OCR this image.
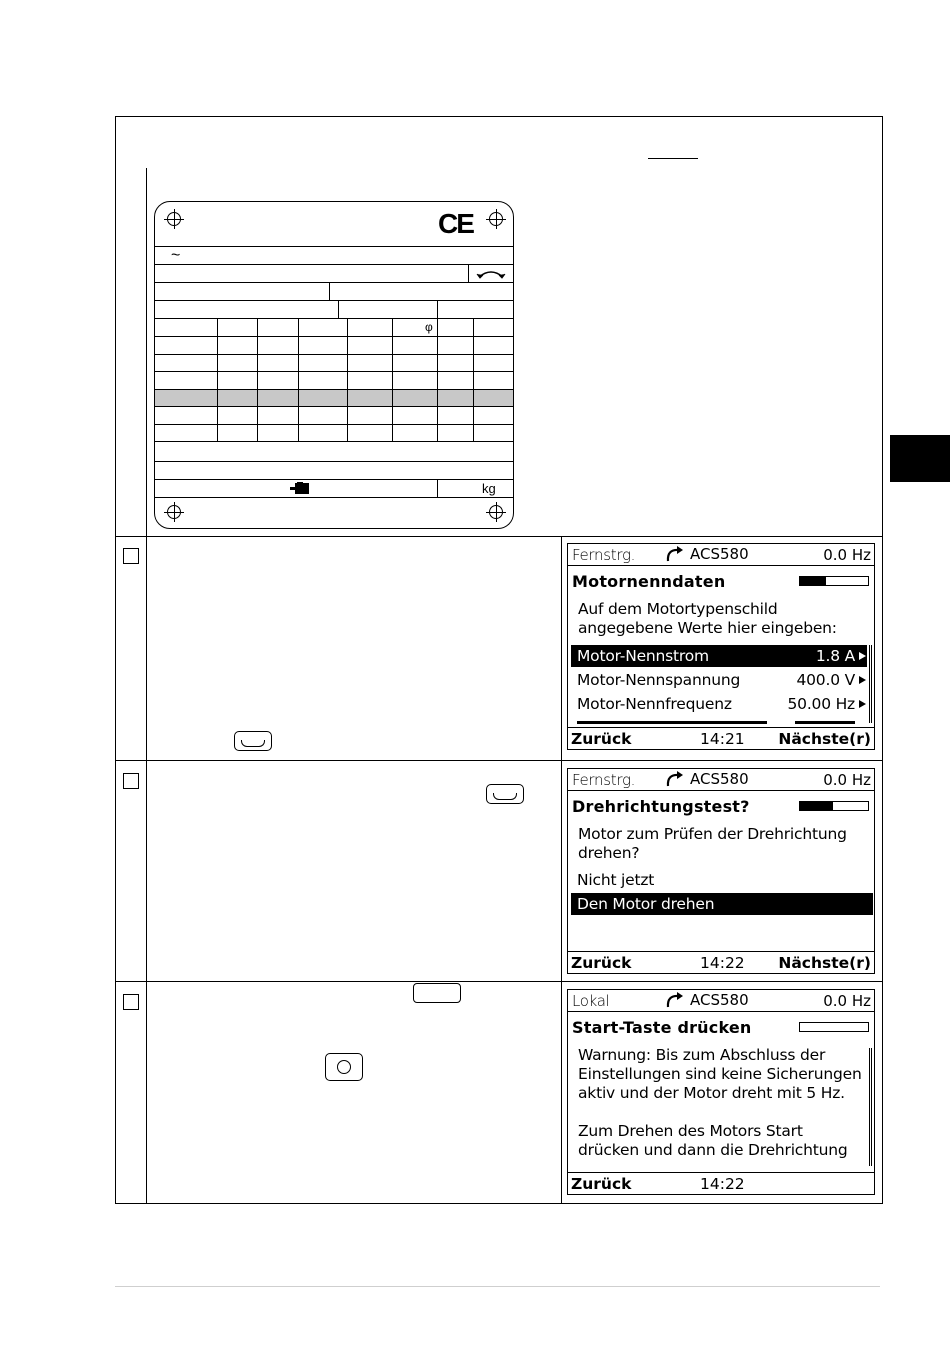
CE
~
φ
kg
Fernstrg.	ACS580	0.0 Hz
Motornenndaten
Auf dem Motortypenschild
angegebene Werte hier eingeben:
Motor-Nennstrom	1.8 A
Motor-Nennspannung	400.0 V
Motor-Nennfrequenz	50.00 Hz
Zurück	14:21 Nächste(r)
Fernstrg.	ACS580	0.0 Hz
Drehrichtungstest?
Motor zum Prüfen der Drehrichtung
drehen?
Nicht jetzt
Den Motor drehen
Zurück	14:22 Nächste(r)
Lokal	ACS580	0.0 Hz
Start-Taste drücken
Warnung: Bis zum Abschluss der
Einstellungen sind keine Sicherungen
aktiv und der Motor dreht mit 5 Hz.
Zum Drehen des Motors Start
drücken und dann die Drehrichtung
Zurück	14:22
